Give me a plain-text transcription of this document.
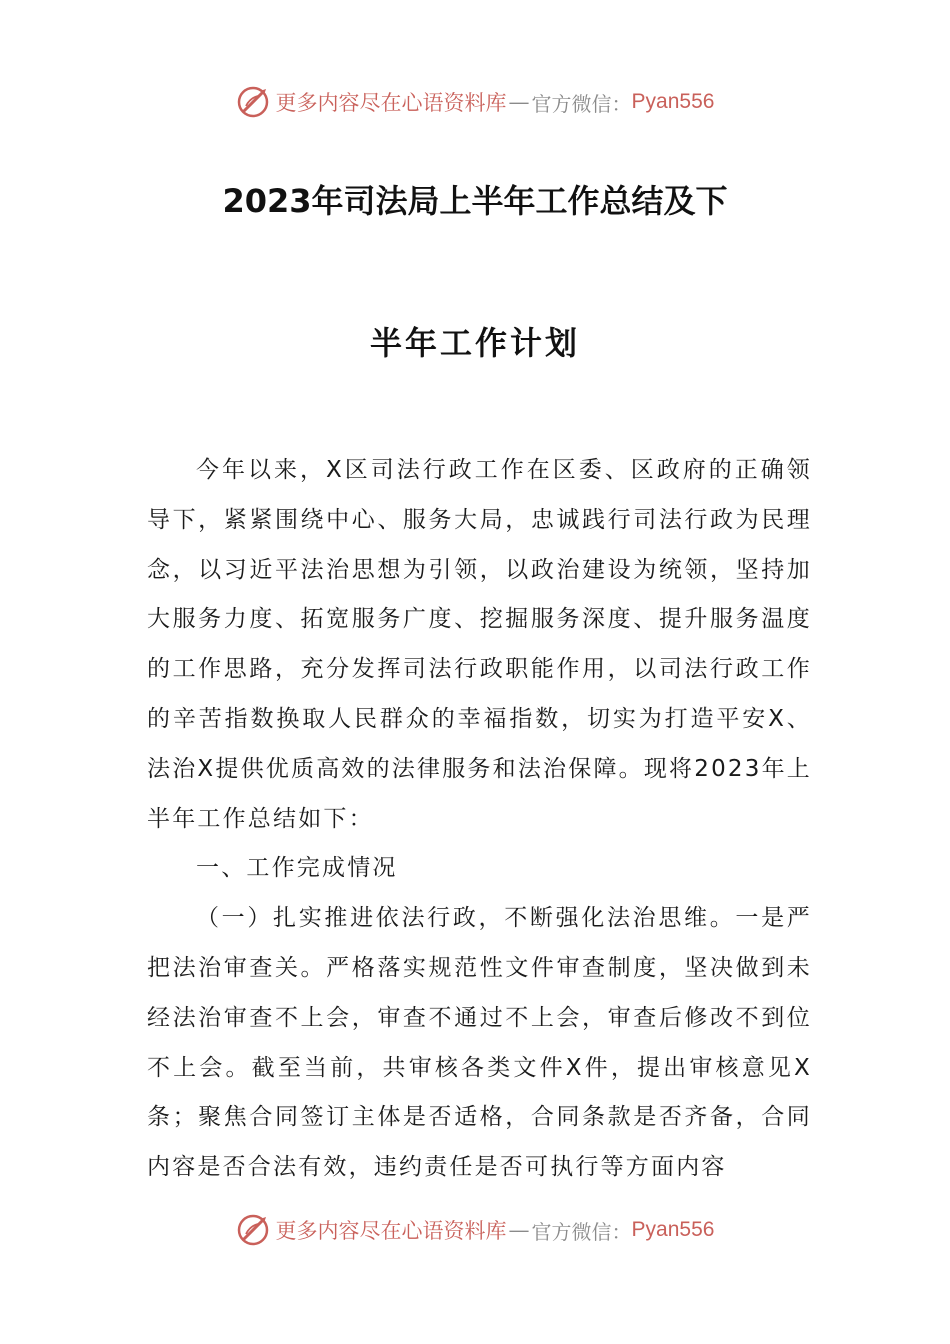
更多内容尽在心语资料库 — 官方微信： Pyan556
2023年司法局上半年工作总结及下
半年工作计划

今年以来，X区司法行政工作在区委、区政府的正确领导下，紧紧围绕中心、服务大局，忠诚践行司法行政为民理念，以习近平法治思想为引领，以政治建设为统领，坚持加大服务力度、拓宽服务广度、挖掘服务深度、提升服务温度的工作思路，充分发挥司法行政职能作用，以司法行政工作的辛苦指数换取人民群众的幸福指数，切实为打造平安X、法治X提供优质高效的法律服务和法治保障。现将2023年上半年工作总结如下：

一、工作完成情况

（一）扎实推进依法行政，不断强化法治思维。一是严把法治审查关。严格落实规范性文件审查制度，坚决做到未经法治审查不上会，审查不通过不上会，审查后修改不到位不上会。截至当前，共审核各类文件X件，提出审核意见X条；聚焦合同签订主体是否适格，合同条款是否齐备，合同内容是否合法有效，违约责任是否可执行等方面内容

更多内容尽在心语资料库 — 官方微信： Pyan556
